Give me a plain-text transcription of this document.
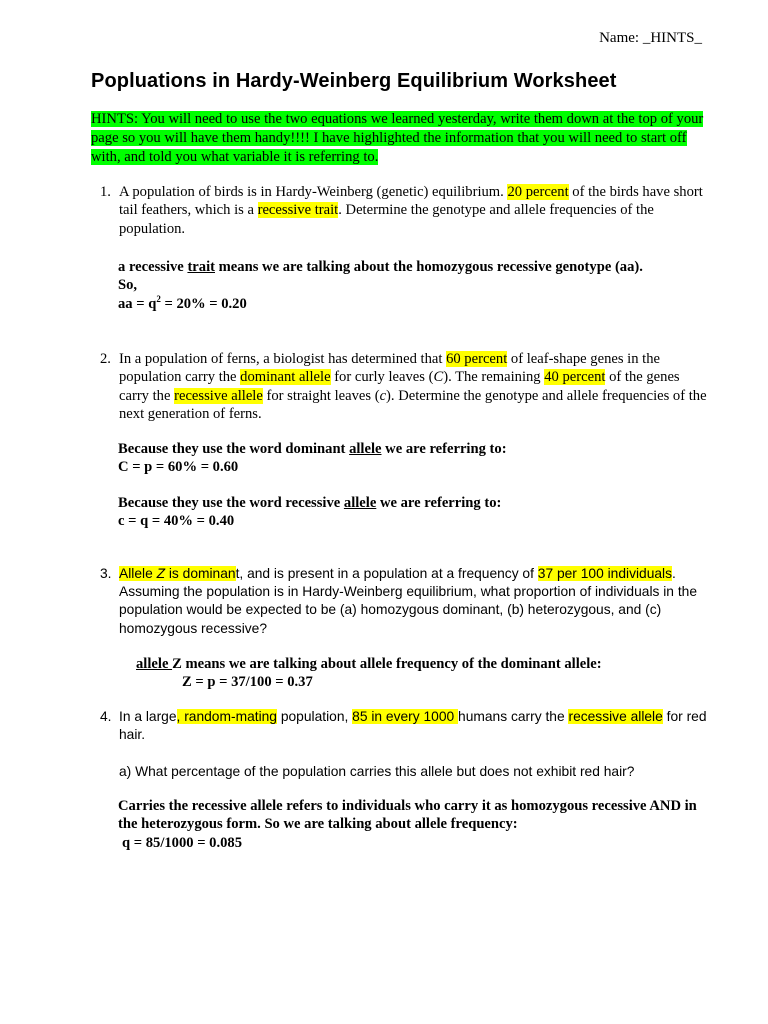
Name: _HINTS_
Popluations in Hardy-Weinberg Equilibrium Worksheet
HINTS: You will need to use the two equations we learned yesterday, write them down at the top of your page so you will have them handy!!!! I have highlighted the information that you will need to start off with, and told you what variable it is referring to.
1. A population of birds is in Hardy-Weinberg (genetic) equilibrium. 20 percent of the birds have short tail feathers, which is a recessive trait. Determine the genotype and allele frequencies of the population.
a recessive trait means we are talking about the homozygous recessive genotype (aa).
So,
aa = $q^2 = 20\% = 0.20$
2. In a population of ferns, a biologist has determined that 60 percent of leaf-shape genes in the population carry the dominant allele for curly leaves (C). The remaining 40 percent of the genes carry the recessive allele for straight leaves (c). Determine the genotype and allele frequencies of the next generation of ferns.
Because they use the word dominant allele we are referring to:
C = p = 60% = 0.60
Because they use the word recessive allele we are referring to:
c = q = 40% = 0.40
3. Allele Z is dominant, and is present in a population at a frequency of 37 per 100 individuals. Assuming the population is in Hardy-Weinberg equilibrium, what proportion of individuals in the population would be expected to be (a) homozygous dominant, (b) heterozygous, and (c) homozygous recessive?
allele Z means we are talking about allele frequency of the dominant allele:
Z = p = 37/100 = 0.37
4. In a large, random-mating population, 85 in every 1000 humans carry the recessive allele for red hair.
a) What percentage of the population carries this allele but does not exhibit red hair?
Carries the recessive allele refers to individuals who carry it as homozygous recessive AND in the heterozygous form. So we are talking about allele frequency:
q = 85/1000 = 0.085
